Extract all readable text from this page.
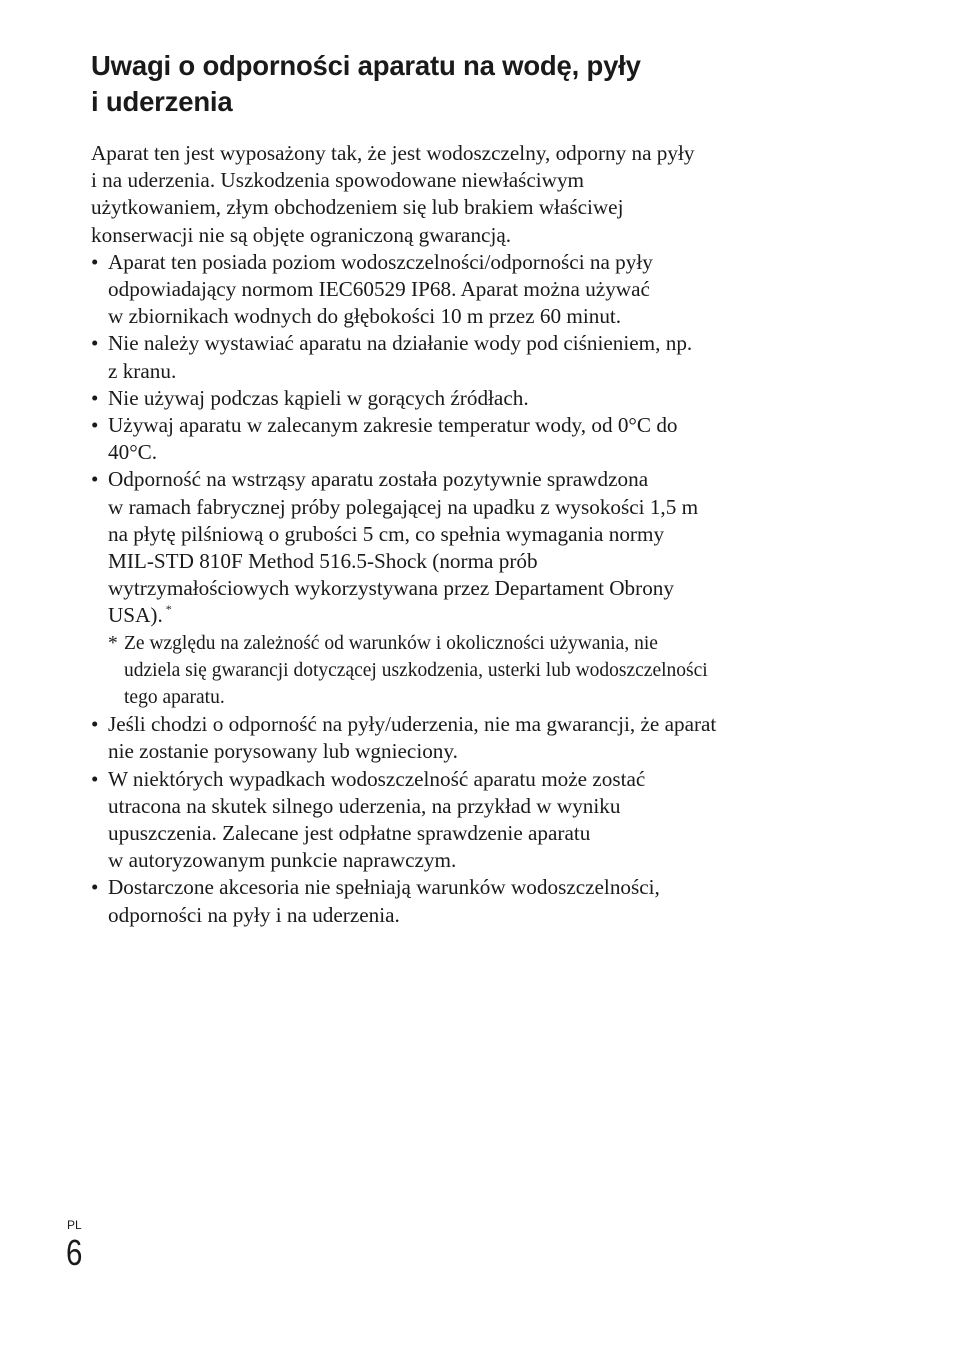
Uwagi o odporności aparatu na wodę, pyły
i uderzenia

Aparat ten jest wyposażony tak, że jest wodoszczelny, odporny na pyły
i na uderzenia. Uszkodzenia spowodowane niewłaściwym
użytkowaniem, złym obchodzeniem się lub brakiem właściwej
konserwacji nie są objęte ograniczoną gwarancją.

• Aparat ten posiada poziom wodoszczelności/odporności na pyły
odpowiadający normom IEC60529 IP68. Aparat można używać
w zbiornikach wodnych do głębokości 10 m przez 60 minut.
• Nie należy wystawiać aparatu na działanie wody pod ciśnieniem, np.
z kranu.
• Nie używaj podczas kąpieli w gorących źródłach.
• Używaj aparatu w zalecanym zakresie temperatur wody, od 0°C do
40°C.
• Odporność na wstrząsy aparatu została pozytywnie sprawdzona
w ramach fabrycznej próby polegającej na upadku z wysokości 1,5 m
na płytę pilśniową o grubości 5 cm, co spełnia wymagania normy
MIL-STD 810F Method 516.5-Shock (norma prób
wytrzymałościowych wykorzystywana przez Departament Obrony
USA). *
* Ze względu na zależność od warunków i okoliczności używania, nie
udziela się gwarancji dotyczącej uszkodzenia, usterki lub wodoszczelności
tego aparatu.
• Jeśli chodzi o odporność na pyły/uderzenia, nie ma gwarancji, że aparat
nie zostanie porysowany lub wgnieciony.
• W niektórych wypadkach wodoszczelność aparatu może zostać
utracona na skutek silnego uderzenia, na przykład w wyniku
upuszczenia. Zalecane jest odpłatne sprawdzenie aparatu
w autoryzowanym punkcie naprawczym.
• Dostarczone akcesoria nie spełniają warunków wodoszczelności,
odporności na pyły i na uderzenia.
PL
6
